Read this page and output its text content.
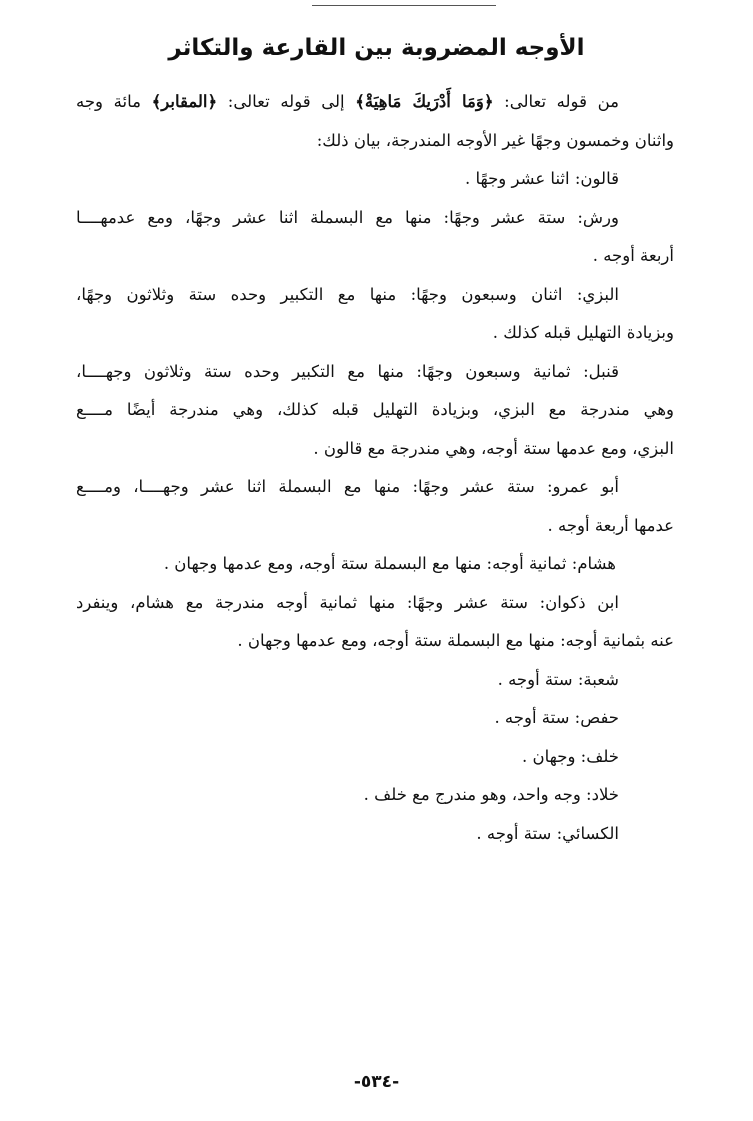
الأوجه المضروبة بين القارعة والتكاثر
من قوله تعالى: ﴿وَمَا أَدْرَيكَ مَاهِيَةْ﴾ إلى قوله تعالى: ﴿المقابر﴾ مائة وجه
واثنان وخمسون وجهًا غير الأوجه المندرجة، بيان ذلك:
قالون: اثنا عشر وجهًا .
ورش: ستة عشر وجهًا: منها مع البسملة اثنا عشر وجهًا، ومع عدمهــــا
أربعة أوجه .
البزي: اثنان وسبعون وجهًا: منها مع التكبير وحده ستة وثلاثون وجهًا،
وبزيادة التهليل قبله كذلك .
قنبل: ثمانية وسبعون وجهًا: منها مع التكبير وحده ستة وثلاثون وجهــــا،
وهي مندرجة مع البزي، وبزيادة التهليل قبله كذلك، وهي مندرجة أيضًا مــــع
البزي، ومع عدمها ستة أوجه، وهي مندرجة مع قالون .
أبو عمرو: ستة عشر وجهًا: منها مع البسملة اثنا عشر وجهــــا، ومــــع
عدمها أربعة أوجه .
هشام: ثمانية أوجه: منها مع البسملة ستة أوجه، ومع عدمها وجهان .
ابن ذكوان: ستة عشر وجهًا: منها ثمانية أوجه مندرجة مع هشام، وينفرد
عنه بثمانية أوجه: منها مع البسملة ستة أوجه، ومع عدمها وجهان .
شعبة: ستة أوجه .
حفص: ستة أوجه .
خلف: وجهان .
خلاد: وجه واحد، وهو مندرج مع خلف .
الكسائي: ستة أوجه .
-٥٣٤-
